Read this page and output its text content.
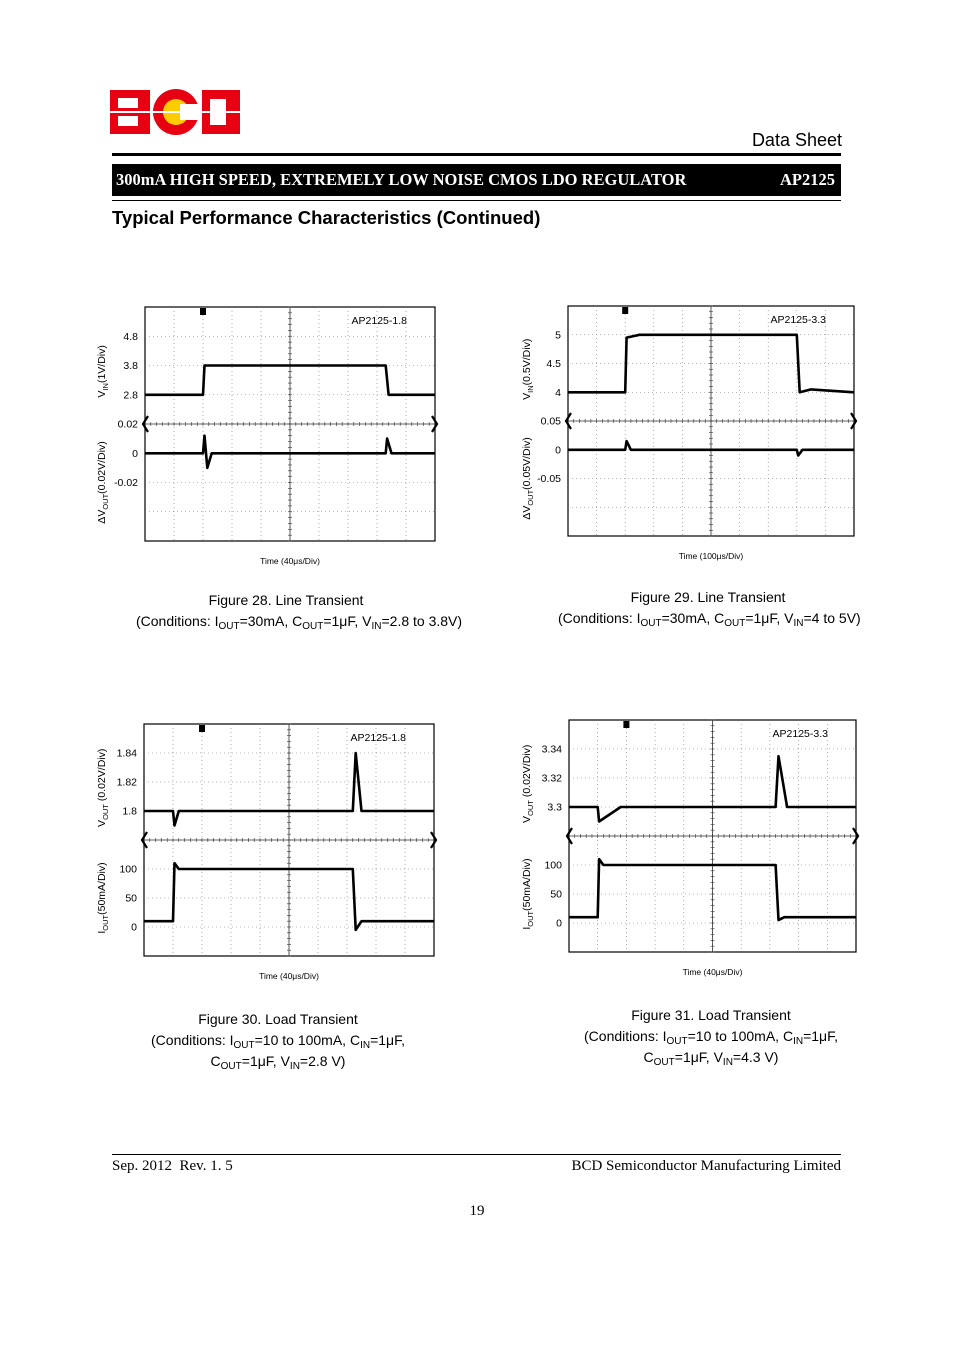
Data Sheet
300mA HIGH SPEED, EXTREMELY LOW NOISE CMOS LDO REGULATOR	AP2125
Typical Performance Characteristics (Continued)
AP2125-1.8
4.8
3.8
2.8
0.02
0
-0.02
$V_{IN}(1V/Div)$
$\Delta V_{OUT}(0.02V/Div)$
Time (40μs/Div)
AP2125-3.3
5
4.5
4
0.05
0
-0.05
$V_{IN}(0.5V/Div)$
$\Delta V_{OUT}(0.05V/Div)$
Time (100μs/Div)
AP2125-1.8
1.84
1.82
1.8
100
50
0
$V_{OUT}$ (0.02V/Div)
$I_{OUT}(50mA/Div)$
Time (40μs/Div)
AP2125-3.3
3.34
3.32
3.3
100
50
0
$V_{OUT}$ (0.02V/Div)
$I_{OUT}(50mA/Div)$
Time (40μs/Div)
Figure 28. Line Transient
(Conditions: $I_{OUT}=30mA$, $C_{OUT}=1\mu F$, $V_{IN}=2.8$ to 3.8V)
Figure 29. Line Transient
(Conditions: $I_{OUT}=30mA$, $C_{OUT}=1\mu F$, $V_{IN}=4$ to 5V)
Figure 30. Load Transient
(Conditions: $I_{OUT}=10$ to 100mA, $C_{IN}=1\mu F$,
$C_{OUT}=1\mu F$, $V_{IN}=2.8$ V)
Figure 31. Load Transient
(Conditions: $I_{OUT}=10$ to 100mA, $C_{IN}=1\mu F$,
$C_{OUT}=1\mu F$, $V_{IN}=4.3$ V)
Sep. 2012  Rev. 1. 5	BCD Semiconductor Manufacturing Limited
19
